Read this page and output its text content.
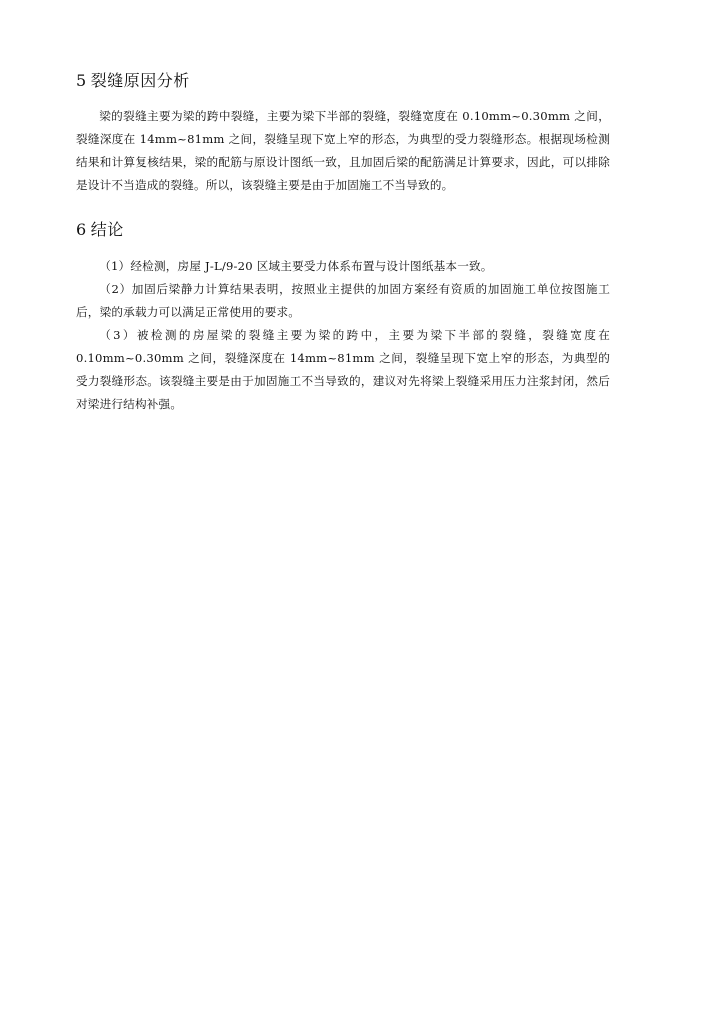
5 裂缝原因分析

梁的裂缝主要为梁的跨中裂缝，主要为梁下半部的裂缝，裂缝宽度在 0.10mm~0.30mm 之间，裂缝深度在 14mm~81mm 之间，裂缝呈现下宽上窄的形态，为典型的受力裂缝形态。根据现场检测结果和计算复核结果，梁的配筋与原设计图纸一致，且加固后梁的配筋满足计算要求，因此，可以排除是设计不当造成的裂缝。所以，该裂缝主要是由于加固施工不当导致的。

6 结论

（1）经检测，房屋 J-L/9-20 区域主要受力体系布置与设计图纸基本一致。

（2）加固后梁静力计算结果表明，按照业主提供的加固方案经有资质的加固施工单位按图施工后，梁的承载力可以满足正常使用的要求。

（3）被检测的房屋梁的裂缝主要为梁的跨中，主要为梁下半部的裂缝，裂缝宽度在 0.10mm~0.30mm 之间，裂缝深度在 14mm~81mm 之间，裂缝呈现下宽上窄的形态，为典型的受力裂缝形态。该裂缝主要是由于加固施工不当导致的，建议对先将梁上裂缝采用压力注浆封闭，然后对梁进行结构补强。
